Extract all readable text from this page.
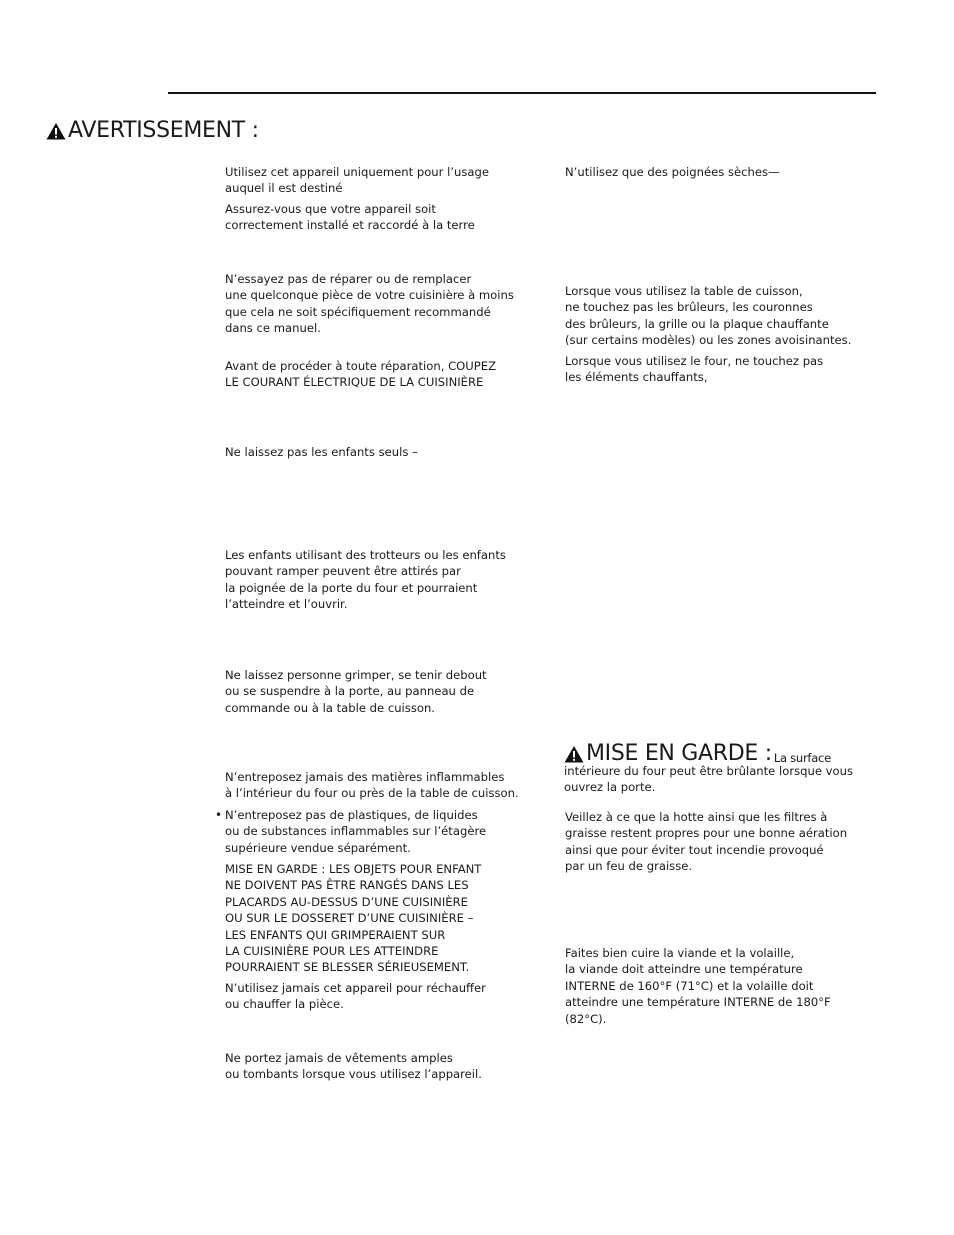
AVERTISSEMENT :
Utilisez cet appareil uniquement pour l’usage
auquel il est destiné
Assurez-vous que votre appareil soit
correctement installé et raccordé à la terre
N’essayez pas de réparer ou de remplacer
une quelconque pièce de votre cuisinière à moins
que cela ne soit spécifiquement recommandé
dans ce manuel.
Avant de procéder à toute réparation, COUPEZ
LE COURANT ÉLECTRIQUE DE LA CUISINIÈRE
Ne laissez pas les enfants seuls –
Les enfants utilisant des trotteurs ou les enfants
pouvant ramper peuvent être attirés par
la poignée de la porte du four et pourraient
l’atteindre et l’ouvrir.
Ne laissez personne grimper, se tenir debout
ou se suspendre à la porte, au panneau de
commande ou à la table de cuisson.
N’entreposez jamais des matières inflammables
à l’intérieur du four ou près de la table de cuisson.
• N’entreposez pas de plastiques, de liquides
ou de substances inflammables sur l’étagère
supérieure vendue séparément.
MISE EN GARDE : LES OBJETS POUR ENFANT
NE DOIVENT PAS ÊTRE RANGÉS DANS LES
PLACARDS AU-DESSUS D’UNE CUISINIÈRE
OU SUR LE DOSSERET D’UNE CUISINIÈRE –
LES ENFANTS QUI GRIMPERAIENT SUR
LA CUISINIÈRE POUR LES ATTEINDRE
POURRAIENT SE BLESSER SÉRIEUSEMENT.
N’utilisez jamais cet appareil pour réchauffer
ou chauffer la pièce.
Ne portez jamais de vêtements amples
ou tombants lorsque vous utilisez l’appareil.
N’utilisez que des poignées sèches—
Lorsque vous utilisez la table de cuisson,
ne touchez pas les brûleurs, les couronnes
des brûleurs, la grille ou la plaque chauffante
(sur certains modèles) ou les zones avoisinantes.
Lorsque vous utilisez le four, ne touchez pas
les éléments chauffants,
MISE EN GARDE : La surface
intérieure du four peut être brûlante lorsque vous
ouvrez la porte.
Veillez à ce que la hotte ainsi que les filtres à
graisse restent propres pour une bonne aération
ainsi que pour éviter tout incendie provoqué
par un feu de graisse.
Faites bien cuire la viande et la volaille,
la viande doit atteindre une température
INTERNE de 160°F (71°C) et la volaille doit
atteindre une température INTERNE de 180°F
(82°C).
